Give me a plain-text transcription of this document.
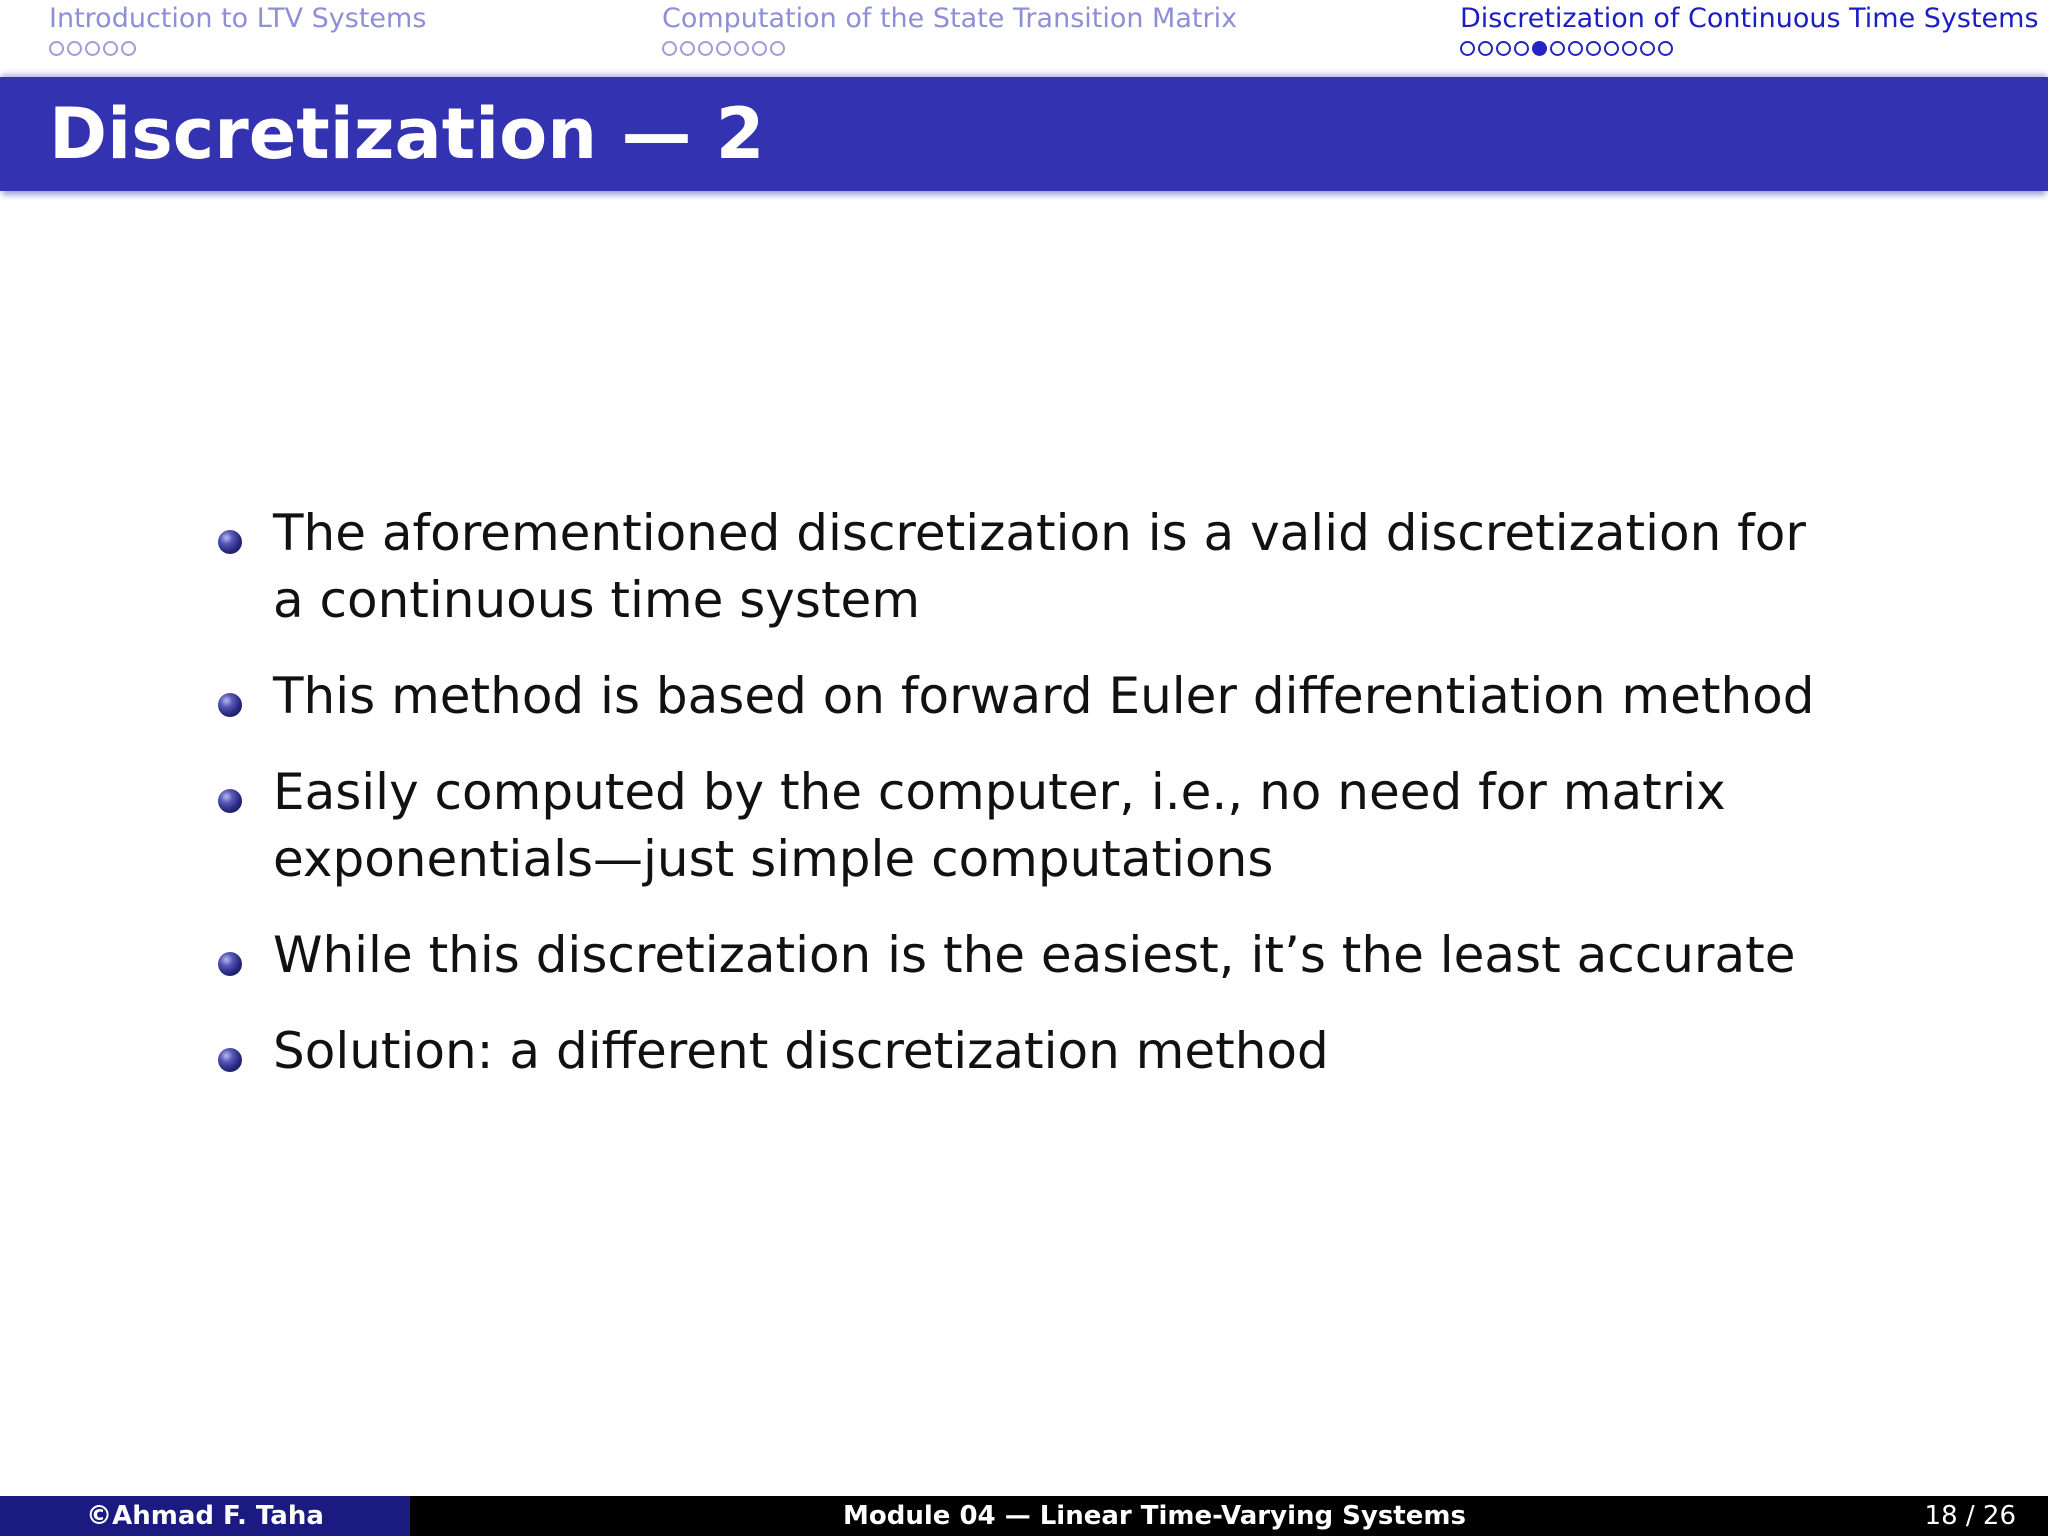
Introduction to LTV Systems	Computation of the State Transition Matrix	Discretization of Continuous Time Systems
Discretization — 2
The aforementioned discretization is a valid discretization for a continuous time system
This method is based on forward Euler differentiation method
Easily computed by the computer, i.e., no need for matrix exponentials—just simple computations
While this discretization is the easiest, it’s the least accurate
Solution: a different discretization method
©Ahmad F. Taha	Module 04 — Linear Time-Varying Systems	18 / 26
